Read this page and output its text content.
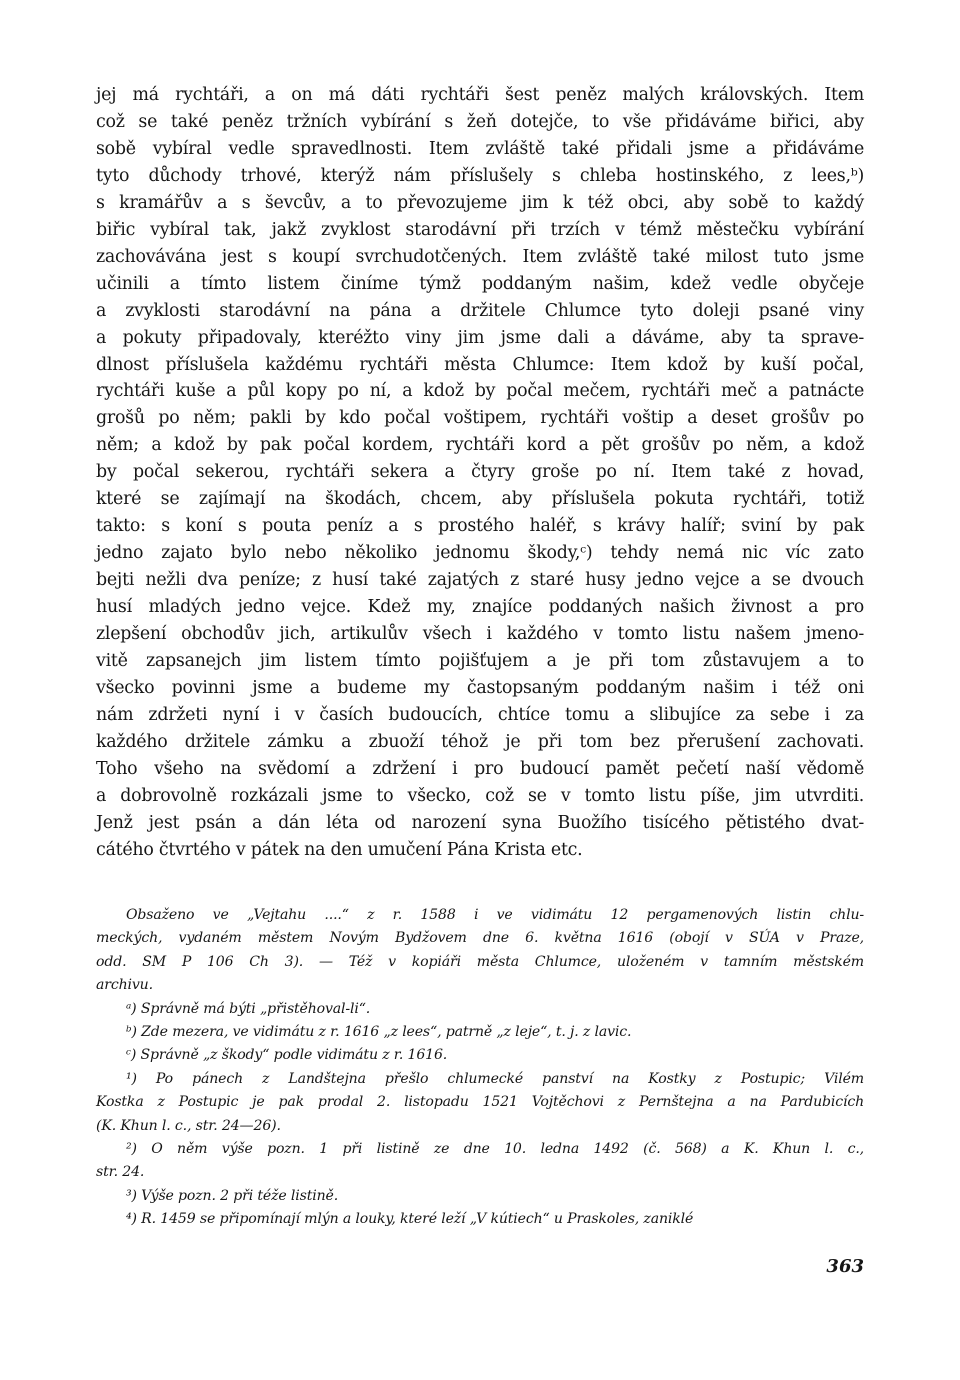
jej má rychtáři, a on má dáti rychtáři šest peněz malých královských. Item
což se také peněz tržních vybírání s žeň dotejče, to vše přidáváme biřici, aby
sobě vybíral vedle spravedlnosti. Item zvláště také přidali jsme a přidáváme
tyto důchody trhové, kterýž nám příslušely s chleba hostinského, z lees,ᵇ)
s kramářův a s ševcův, a to převozujeme jim k též obci, aby sobě to každý
biřic vybíral tak, jakž zvyklost starodávní při trzích v témž městečku vybírání
zachovávána jest s koupí svrchudotčených. Item zvláště také milost tuto jsme
učinili a tímto listem činíme týmž poddaným našim, kdež vedle obyčeje
a zvyklosti starodávní na pána a držitele Chlumce tyto doleji psané viny
a pokuty připadovaly, kteréžto viny jim jsme dali a dáváme, aby ta sprave-
dlnost příslušela každému rychtáři města Chlumce: Item kdož by kuší počal,
rychtáři kuše a půl kopy po ní, a kdož by počal mečem, rychtáři meč a patnácte
grošů po něm; pakli by kdo počal voštipem, rychtáři voštip a deset grošův po
něm; a kdož by pak počal kordem, rychtáři kord a pět grošův po něm, a kdož
by počal sekerou, rychtáři sekera a čtyry groše po ní. Item také z hovad,
které se zajímají na škodách, chcem, aby příslušela pokuta rychtáři, totiž
takto: s koní s pouta peníz a s prostého haléř, s krávy halíř; sviní by pak
jedno zajato bylo nebo několiko jednomu škody,ᶜ) tehdy nemá nic víc zato
bejti nežli dva peníze; z husí také zajatých z staré husy jedno vejce a se dvouch
husí mladých jedno vejce. Kdež my, znajíce poddaných našich živnost a pro
zlepšení obchodův jich, artikulův všech i každého v tomto listu našem jmeno-
vitě zapsanejch jim listem tímto pojišťujem a je při tom zůstavujem a to
všecko povinni jsme a budeme my častopsaným poddaným našim i též oni
nám zdržeti nyní i v časích budoucích, chtíce tomu a slibujíce za sebe i za
každého držitele zámku a zbuoží téhož je při tom bez přerušení zachovati.
Toho všeho na svědomí a zdržení i pro budoucí pamět pečetí naší vědomě
a dobrovolně rozkázali jsme to všecko, což se v tomto listu píše, jim utvrditi.
Jenž jest psán a dán léta od narození syna Buožího tisícého pětistého dvat-
cátého čtvrtého v pátek na den umučení Pána Krista etc.
Obsaženo ve „Vejtahu ....“ z r. 1588 i ve vidimátu 12 pergamenových listin chlu-
meckých, vydaném městem Novým Bydžovem dne 6. května 1616 (obojí v SÚA v Praze,
odd. SM P 106 Ch 3). — Též v kopiáři města Chlumce, uloženém v tamním městském
archivu.
ᵃ) Správně má býti „přistěhoval-li“.
ᵇ) Zde mezera, ve vidimátu z r. 1616 „z lees“, patrně „z leje“, t. j. z lavic.
ᶜ) Správně „z škody“ podle vidimátu z r. 1616.
¹) Po pánech z Landštejna přešlo chlumecké panství na Kostky z Postupic; Vilém
Kostka z Postupic je pak prodal 2. listopadu 1521 Vojtěchovi z Pernštejna a na Pardubicích
(K. Khun l. c., str. 24—26).
²) O něm výše pozn. 1 při listině ze dne 10. ledna 1492 (č. 568) a K. Khun l. c.,
str. 24.
³) Výše pozn. 2 při téže listině.
⁴) R. 1459 se připomínají mlýn a louky, které leží „V kútiech“ u Praskoles, zaniklé
363
